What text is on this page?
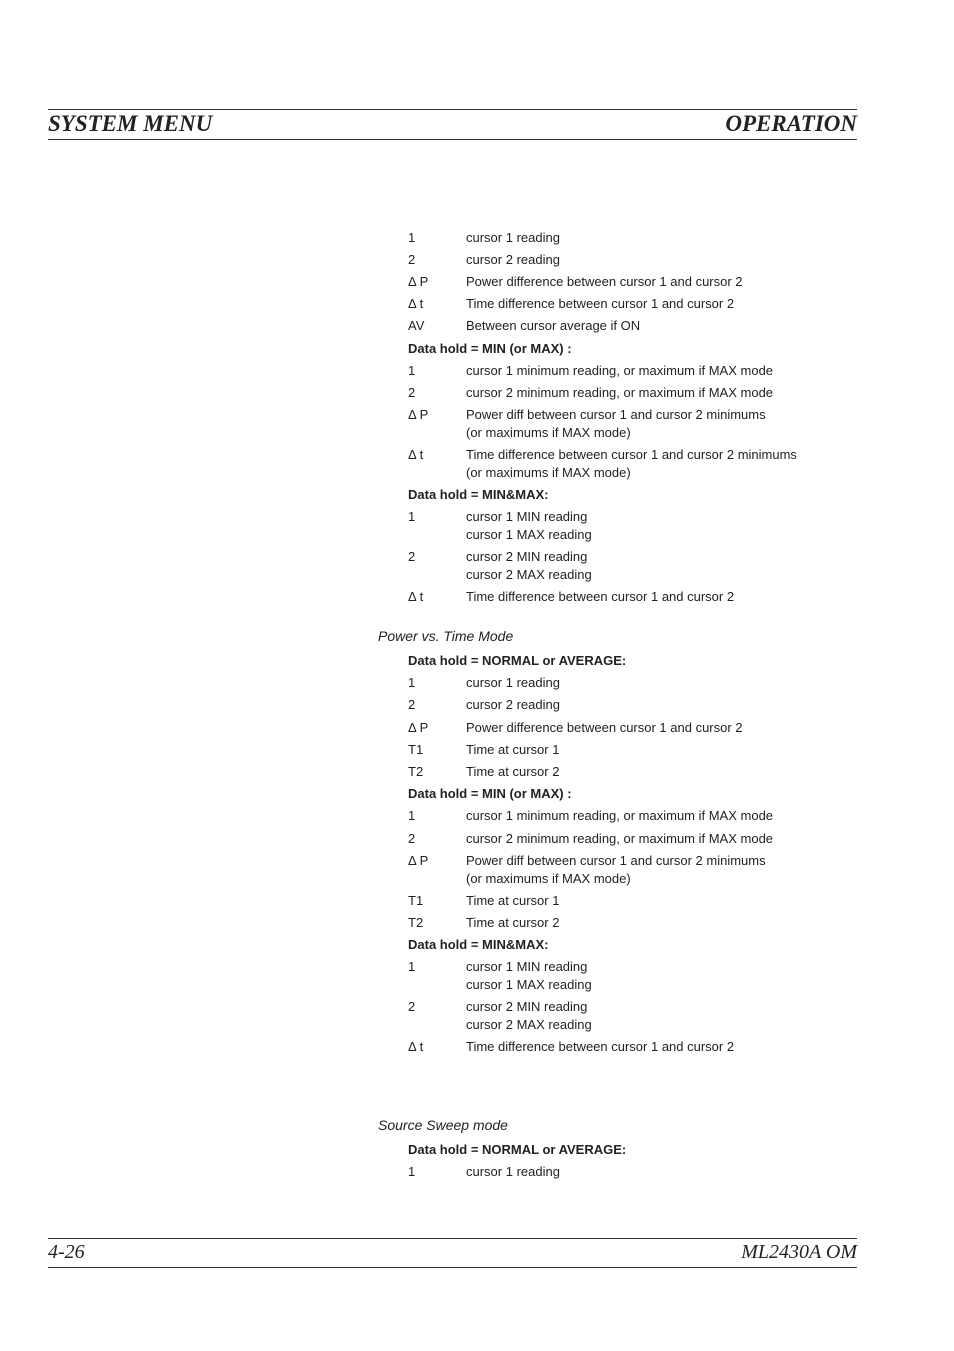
SYSTEM MENU	OPERATION
1	cursor 1 reading
2	cursor 2 reading
Δ P	Power difference between cursor 1 and cursor 2
Δ t	Time difference between cursor 1 and cursor 2
AV	Between cursor average if ON
Data hold = MIN (or MAX) :
1	cursor 1 minimum reading, or maximum if MAX mode
2	cursor 2 minimum reading, or maximum if MAX mode
Δ P	Power diff between cursor 1 and cursor 2 minimums
(or maximums if MAX mode)
Δ t	Time difference between cursor 1 and cursor 2 minimums
(or maximums if MAX mode)
Data hold = MIN&MAX:
1	cursor 1 MIN reading
cursor 1 MAX reading
2	cursor 2 MIN reading
cursor 2 MAX reading
Δ t	Time difference between cursor 1 and cursor 2
Power vs. Time Mode
Data hold = NORMAL or AVERAGE:
1	cursor 1 reading
2	cursor 2 reading
Δ P	Power difference between cursor 1 and cursor 2
T1	Time at cursor 1
T2	Time at cursor 2
Data hold = MIN (or MAX) :
1	cursor 1 minimum reading, or maximum if MAX mode
2	cursor 2 minimum reading, or maximum if MAX mode
Δ P	Power diff between cursor 1 and cursor 2 minimums
(or maximums if MAX mode)
T1	Time at cursor 1
T2	Time at cursor 2
Data hold = MIN&MAX:
1	cursor 1 MIN reading
cursor 1 MAX reading
2	cursor 2 MIN reading
cursor 2 MAX reading
Δ t	Time difference between cursor 1 and cursor 2
Source Sweep mode
Data hold = NORMAL or AVERAGE:
1	cursor 1 reading
4-26	ML2430A OM
